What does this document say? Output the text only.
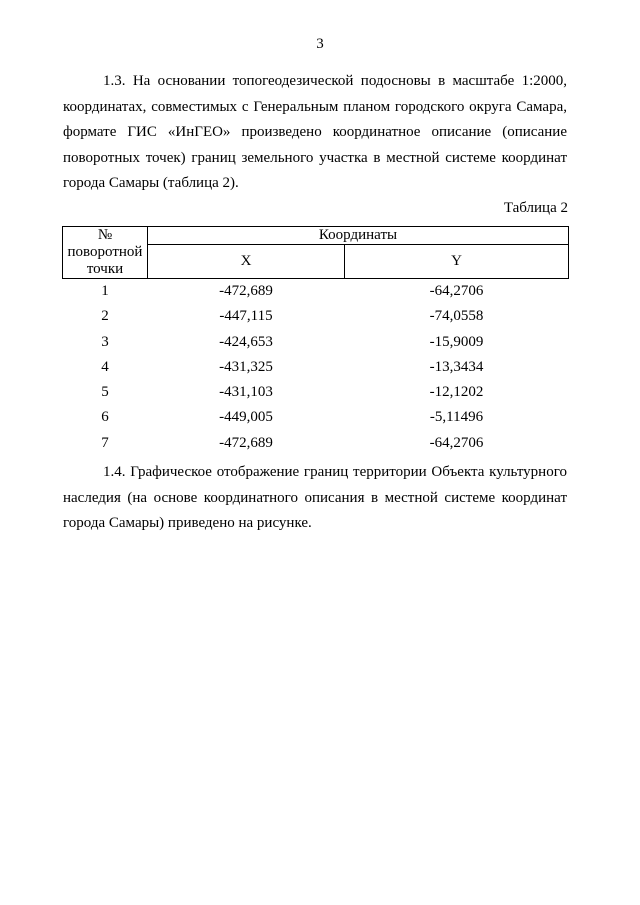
3

1.3. На основании топогеодезической подосновы в масштабе 1:2000, координатах, совместимых с Генеральным планом городского округа Самара, формате ГИС «ИнГЕО» произведено координатное описание (описание поворотных точек) границ земельного участка в местной системе координат города Самары (таблица 2).

Таблица 2
№ поворотной точки	Координаты	
	X	Y
1	-472,689	-64,2706
2	-447,115	-74,0558
3	-424,653	-15,9009
4	-431,325	-13,3434
5	-431,103	-12,1202
6	-449,005	-5,11496
7	-472,689	-64,2706

1.4. Графическое отображение границ территории Объекта культурного наследия (на основе координатного описания в местной системе координат города Самары) приведено на рисунке.
